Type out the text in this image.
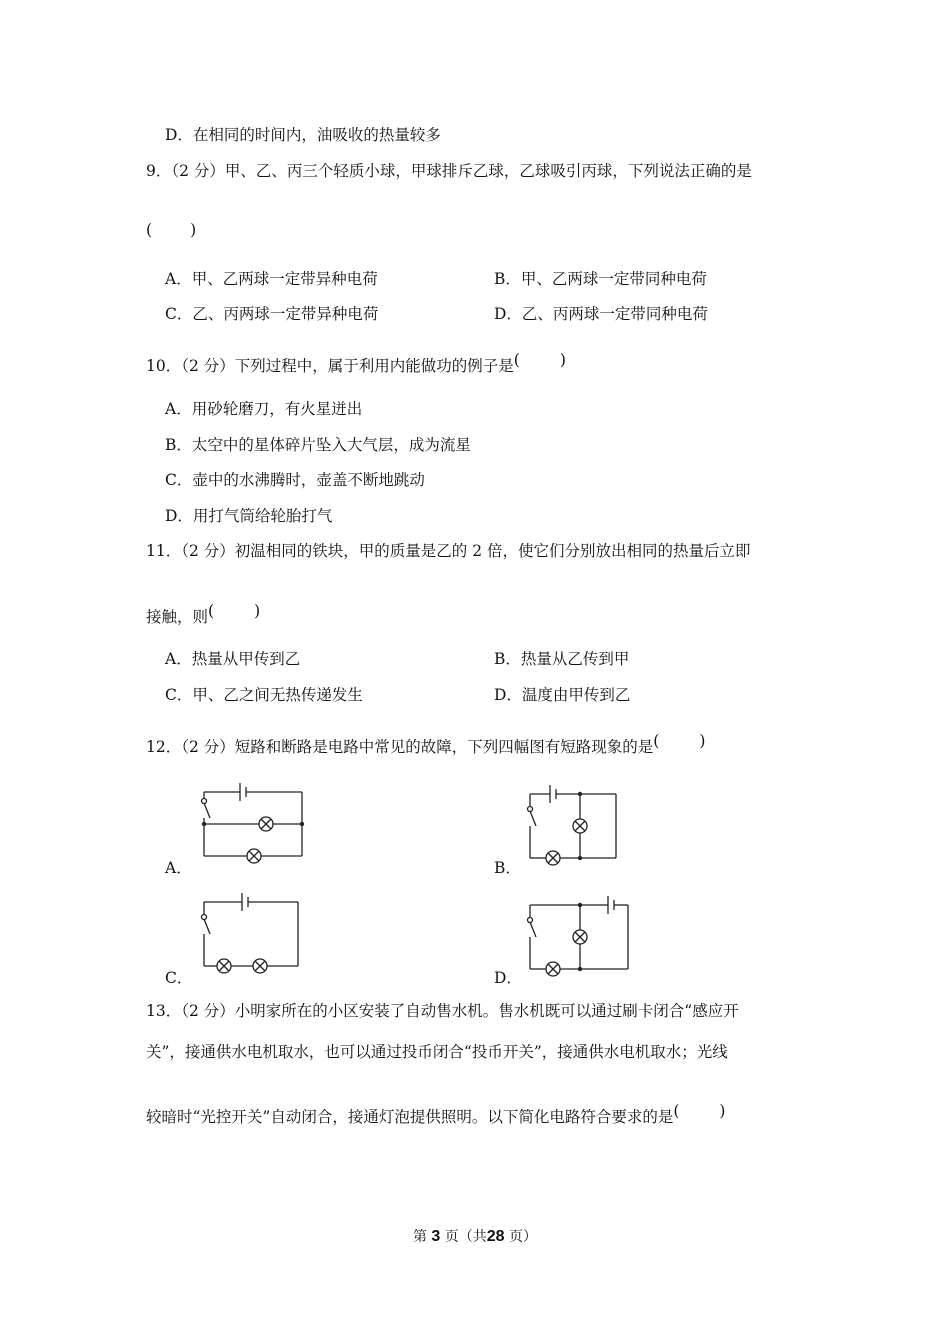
D．在相同的时间内，油吸收的热量较多
9．（2 分）甲、乙、丙三个轻质小球，甲球排斥乙球，乙球吸引丙球，下列说法正确的是
( )
A．甲、乙两球一定带异种电荷	B．甲、乙两球一定带同种电荷
C．乙、丙两球一定带异种电荷	D．乙、丙两球一定带同种电荷
10．（2 分）下列过程中，属于利用内能做功的例子是(	)
A．用砂轮磨刀，有火星迸出
B．太空中的星体碎片坠入大气层，成为流星
C．壶中的水沸腾时，壶盖不断地跳动
D．用打气筒给轮胎打气
11．（2 分）初温相同的铁块，甲的质量是乙的 2 倍，使它们分别放出相同的热量后立即
接触，则(	)
A．热量从甲传到乙	B．热量从乙传到甲
C．甲、乙之间无热传递发生	D．温度由甲传到乙
12．（2 分）短路和断路是电路中常见的故障，下列四幅图有短路现象的是(	)
A．	B．
C．	D．
13．（2 分）小明家所在的小区安装了自动售水机。售水机既可以通过刷卡闭合“感应开
关”，接通供水电机取水，也可以通过投币闭合“投币开关”，接通供水电机取水；光线
较暗时“光控开关”自动闭合，接通灯泡提供照明。以下简化电路符合要求的是(	)
第 3 页（共28 页）
